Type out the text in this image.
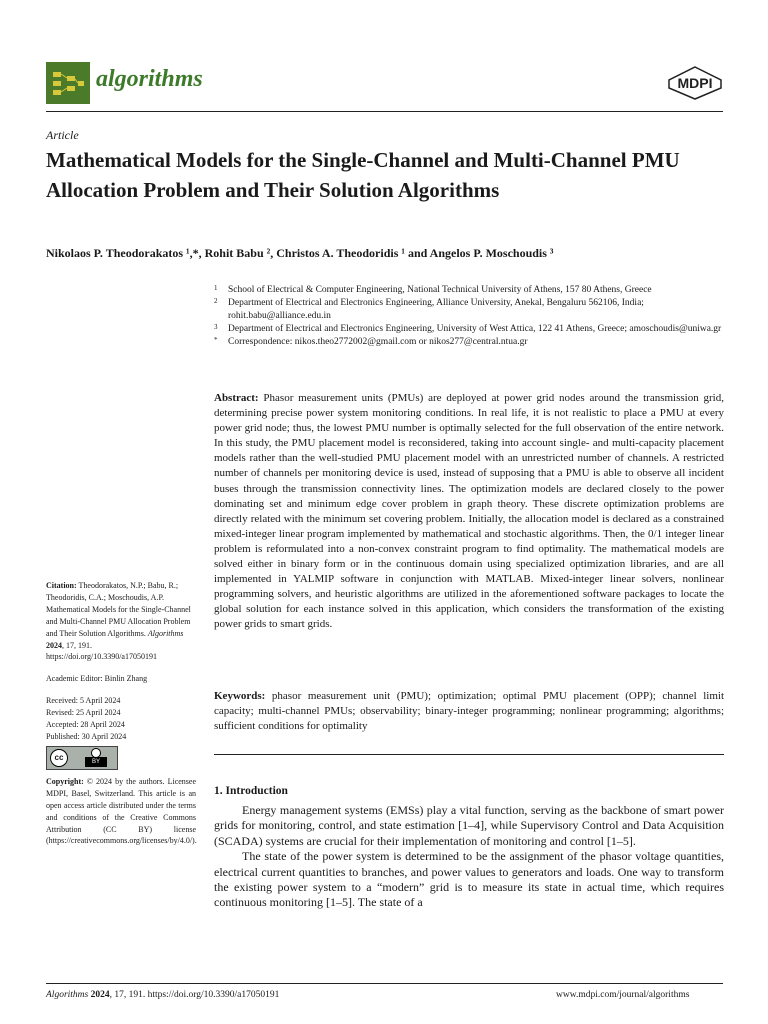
algorithms	MDPI
Article
Mathematical Models for the Single-Channel and Multi-Channel PMU Allocation Problem and Their Solution Algorithms
Nikolaos P. Theodorakatos ¹,*, Rohit Babu ², Christos A. Theodoridis ¹ and Angelos P. Moschoudis ³
1 School of Electrical & Computer Engineering, National Technical University of Athens, 157 80 Athens, Greece
2 Department of Electrical and Electronics Engineering, Alliance University, Anekal, Bengaluru 562106, India; rohit.babu@alliance.edu.in
3 Department of Electrical and Electronics Engineering, University of West Attica, 122 41 Athens, Greece; amoschoudis@uniwa.gr
* Correspondence: nikos.theo2772002@gmail.com or nikos277@central.ntua.gr
Abstract: Phasor measurement units (PMUs) are deployed at power grid nodes around the transmission grid, determining precise power system monitoring conditions. In real life, it is not realistic to place a PMU at every power grid node; thus, the lowest PMU number is optimally selected for the full observation of the entire network. In this study, the PMU placement model is reconsidered, taking into account single- and multi-capacity placement models rather than the well-studied PMU placement model with an unrestricted number of channels. A restricted number of channels per monitoring device is used, instead of supposing that a PMU is able to observe all incident buses through the transmission connectivity lines. The optimization models are declared closely to the power dominating set and minimum edge cover problem in graph theory. These discrete optimization problems are directly related with the minimum set covering problem. Initially, the allocation model is declared as a constrained mixed-integer linear program implemented by mathematical and stochastic algorithms. Then, the 0/1 integer linear problem is reformulated into a non-convex constraint program to find optimality. The mathematical models are solved either in binary form or in the continuous domain using specialized optimization libraries, and are all implemented in YALMIP software in conjunction with MATLAB. Mixed-integer linear solvers, nonlinear programming solvers, and heuristic algorithms are utilized in the aforementioned software packages to locate the global solution for each instance solved in this application, which considers the transformation of the existing power grids to smart grids.
Keywords: phasor measurement unit (PMU); optimization; optimal PMU placement (OPP); channel limit capacity; multi-channel PMUs; observability; binary-integer programming; nonlinear programming; algorithms; sufficient conditions for optimality

Citation: Theodorakatos, N.P.; Babu, R.; Theodoridis, C.A.; Moschoudis, A.P. Mathematical Models for the Single-Channel and Multi-Channel PMU Allocation Problem and Their Solution Algorithms. Algorithms 2024, 17, 191. https://doi.org/10.3390/a17050191

Academic Editor: Binlin Zhang

Received: 5 April 2024

Revised: 25 April 2024

Accepted: 28 April 2024

Published: 30 April 2024

cc	BY

Copyright: © 2024 by the authors. Licensee MDPI, Basel, Switzerland. This article is an open access article distributed under the terms and conditions of the Creative Commons Attribution (CC BY) license (https://creativecommons.org/licenses/by/4.0/).

1. Introduction

Energy management systems (EMSs) play a vital function, serving as the backbone of smart power grids for monitoring, control, and state estimation [1–4], while Supervisory Control and Data Acquisition (SCADA) systems are crucial for their implementation of monitoring and control [1–5].

The state of the power system is determined to be the assignment of the phasor voltage quantities, electrical current quantities to branches, and power values to generators and loads. One way to transform the existing power system to a “modern” grid is to measure its state in actual time, which requires continuous monitoring [1–5]. The state of a

Algorithms 2024, 17, 191. https://doi.org/10.3390/a17050191	www.mdpi.com/journal/algorithms
